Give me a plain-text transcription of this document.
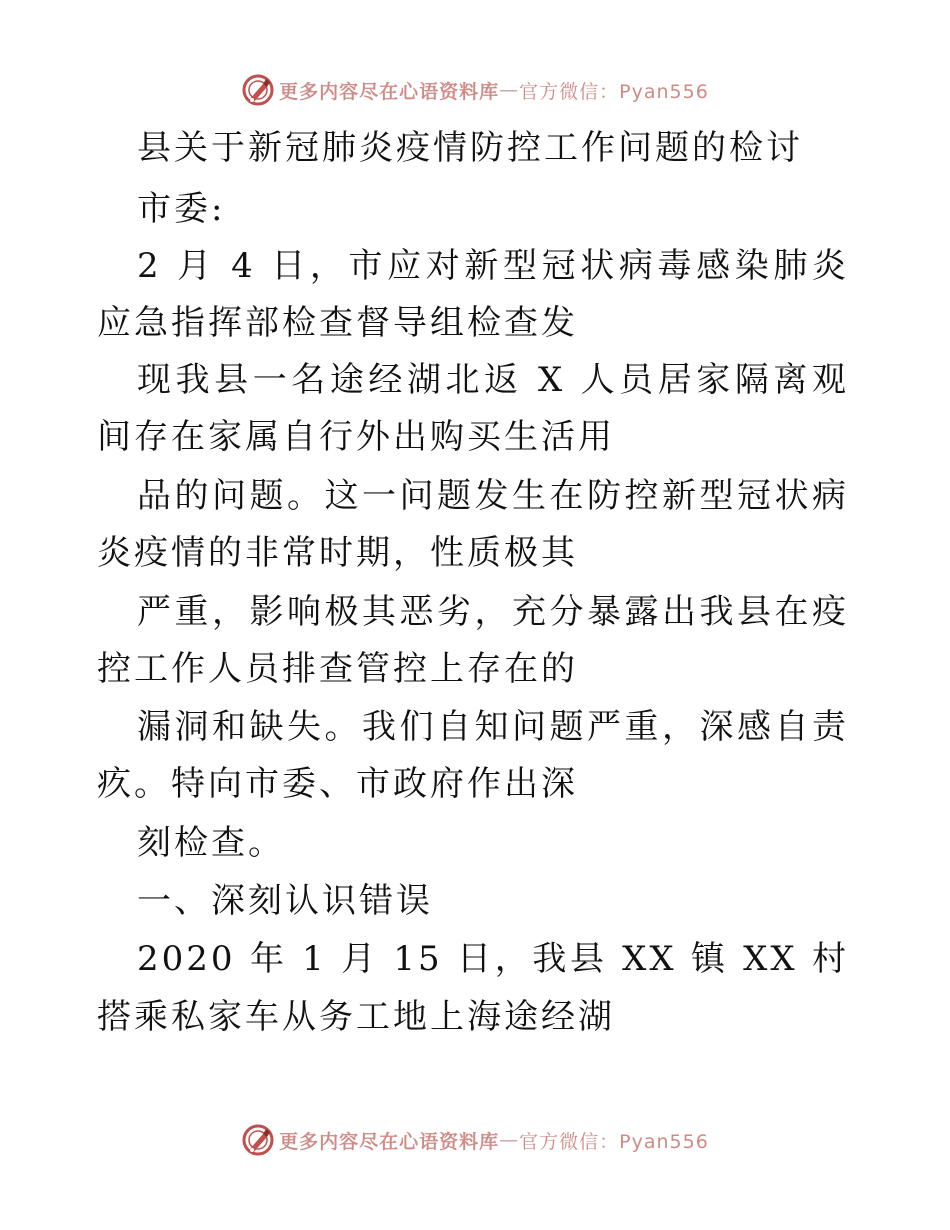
更多内容尽在心语资料库 — 官方微信：Pyan556
县关于新冠肺炎疫情防控工作问题的检讨
市委:
2 月 4 日，市应对新型冠状病毒感染肺炎
应急指挥部检查督导组检查发
现我县一名途经湖北返 X 人员居家隔离观
间存在家属自行外出购买生活用
品的问题。这一问题发生在防控新型冠状病
炎疫情的非常时期，性质极其
严重，影响极其恶劣，充分暴露出我县在疫
控工作人员排查管控上存在的
漏洞和缺失。我们自知问题严重，深感自责
疚。特向市委、市政府作出深
刻检查。
一、深刻认识错误
2020 年 1 月 15 日，我县 XX 镇 XX 村
搭乘私家车从务工地上海途经湖
更多内容尽在心语资料库 — 官方微信：Pyan556
